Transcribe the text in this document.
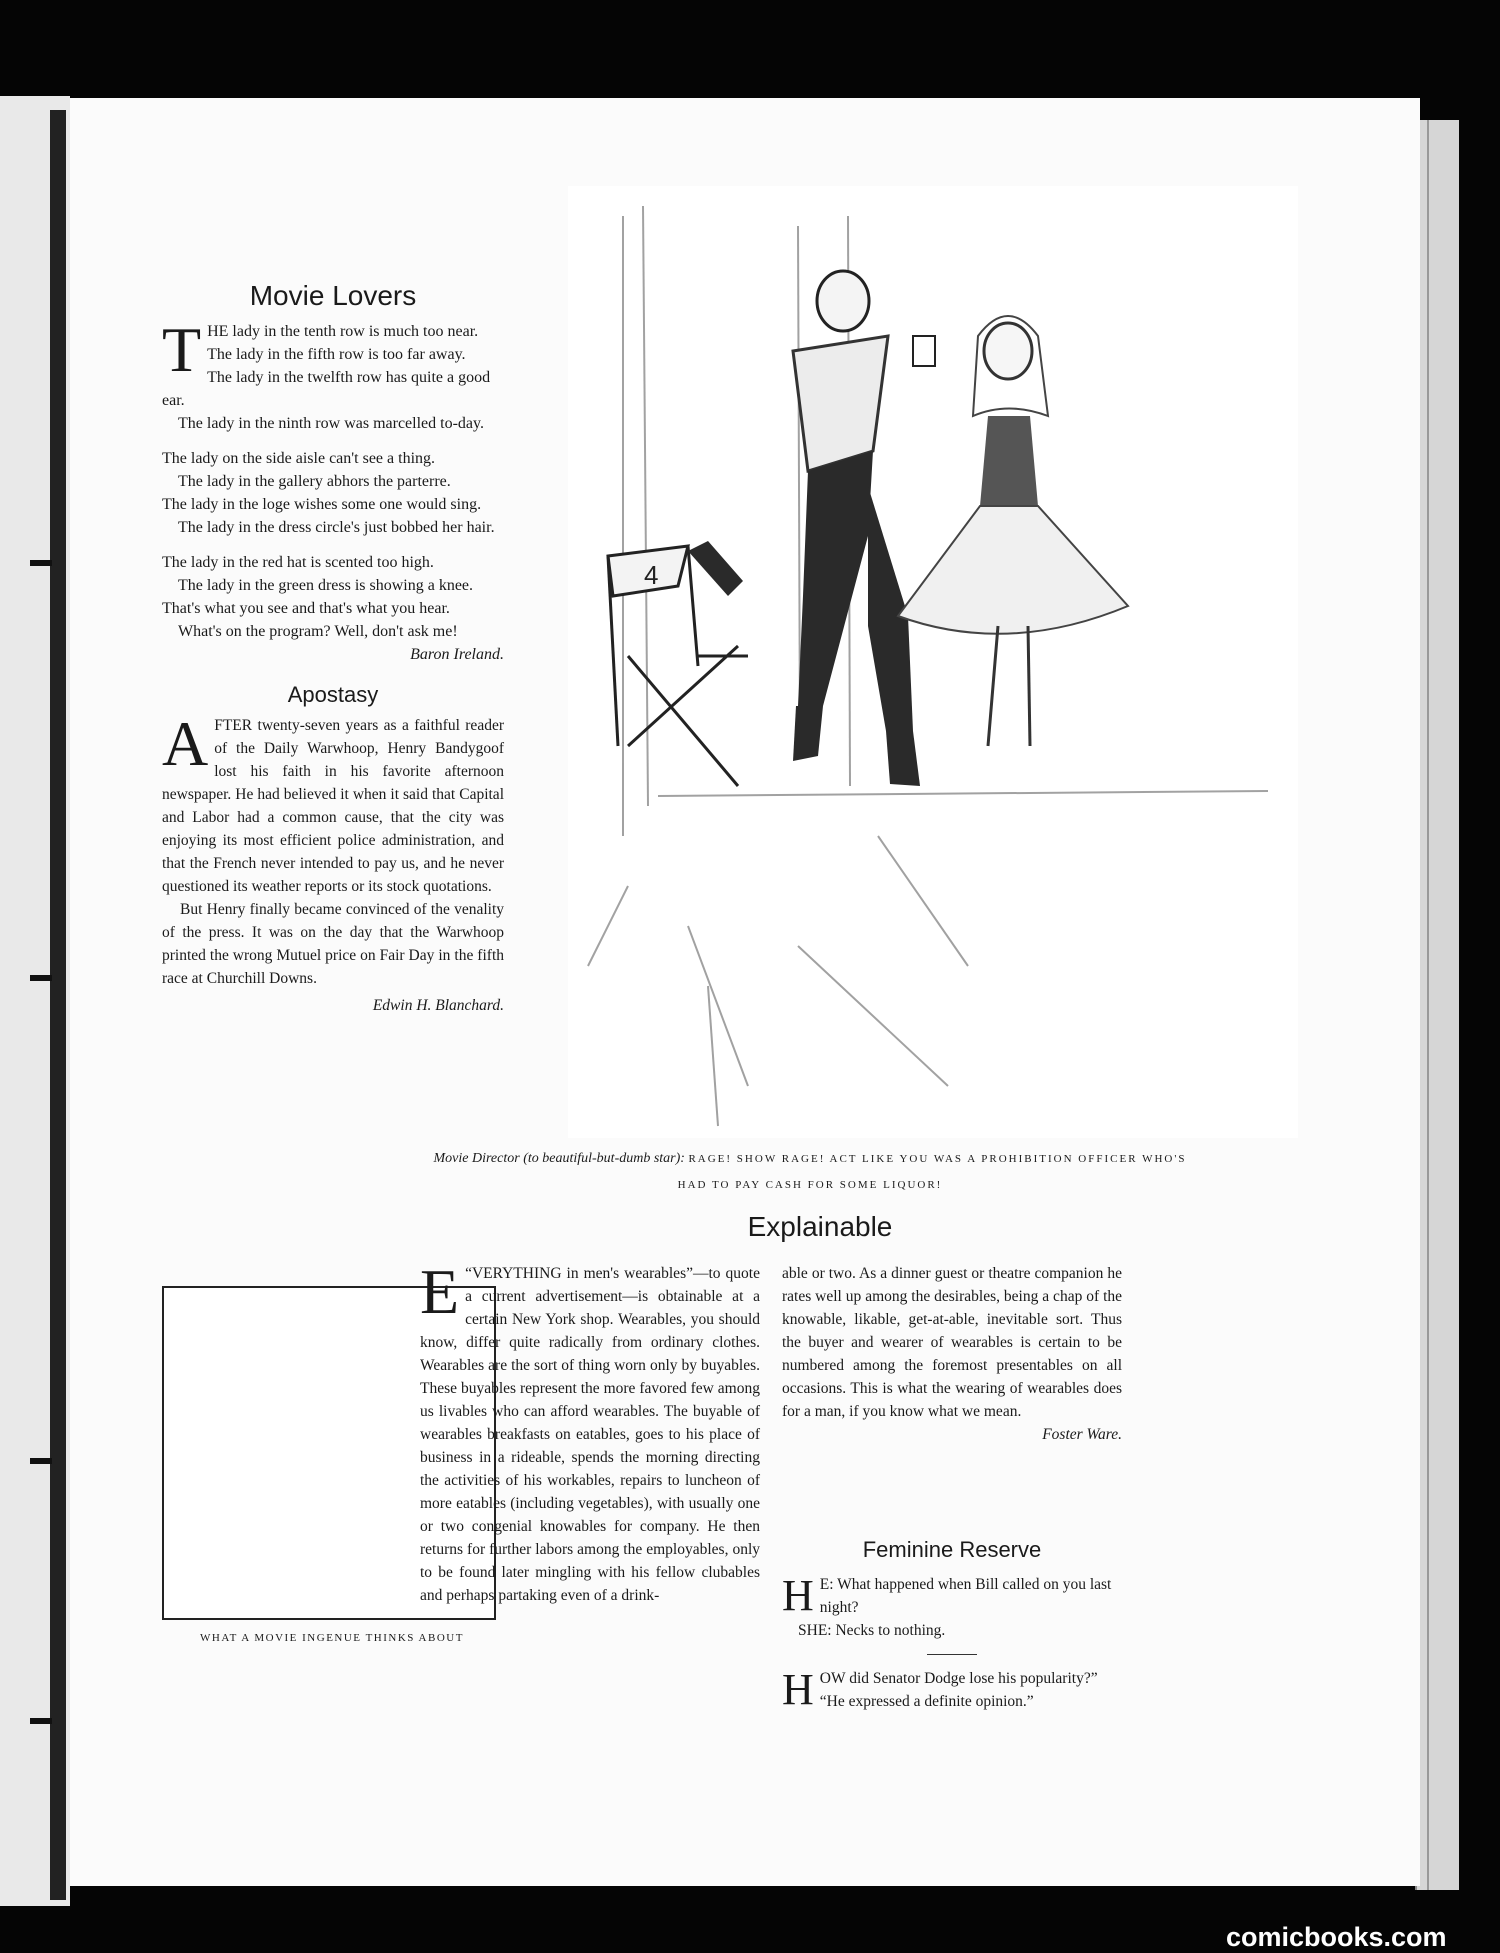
Movie Lovers
T HE lady in the tenth row is much too near.
The lady in the fifth row is too far away.
The lady in the twelfth row has quite a good ear.
The lady in the ninth row was marcelled to-day.
The lady on the side aisle can't see a thing.
The lady in the gallery abhors the parterre.
The lady in the loge wishes some one would sing.
The lady in the dress circle's just bobbed her hair.
The lady in the red hat is scented too high.
The lady in the green dress is showing a knee.
That's what you see and that's what you hear.
What's on the program? Well, don't ask me!
Baron Ireland.
Apostasy

AFTER twenty-seven years as a faithful reader of the Daily Warwhoop, Henry Bandygoof lost his faith in his favorite afternoon newspaper. He had believed it when it said that Capital and Labor had a common cause, that the city was enjoying its most efficient police administration, and that the French never intended to pay us, and he never questioned its weather reports or its stock quotations.

But Henry finally became convinced of the venality of the press. It was on the day that the Warwhoop printed the wrong Mutuel price on Fair Day in the fifth race at Churchill Downs.

Edwin H. Blanchard.
WHAT A MOVIE INGENUE THINKS ABOUT
4
Movie Director (to beautiful-but-dumb star): RAGE! SHOW RAGE! ACT LIKE YOU WAS A PROHIBITION OFFICER WHO'S HAD TO PAY CASH FOR SOME LIQUOR!
Explainable
E “VERYTHING in men's wearables”—to quote a current advertisement—is obtainable at a certain New York shop. Wearables, you should know, differ quite radically from ordinary clothes. Wearables are the sort of thing worn only by buyables. These buyables represent the more favored few among us livables who can afford wearables. The buyable of wearables breakfasts on eatables, goes to his place of business in a rideable, spends the morning directing the activities of his workables, repairs to luncheon of more eatables (including vegetables), with usually one or two congenial knowables for company. He then returns for further labors among the employables, only to be found later mingling with his fellow clubables and perhaps partaking even of a drink-
able or two. As a dinner guest or theatre companion he rates well up among the desirables, being a chap of the knowable, likable, get-at-able, inevitable sort. Thus the buyer and wearer of wearables is certain to be numbered among the foremost presentables on all occasions. This is what the wearing of wearables does for a man, if you know what we mean.
Foster Ware.
Feminine Reserve
H E: What happened when Bill called on you last night?
SHE: Necks to nothing.
HOW did Senator Dodge lose his popularity?”
“He expressed a definite opinion.”
comicbooks.com
